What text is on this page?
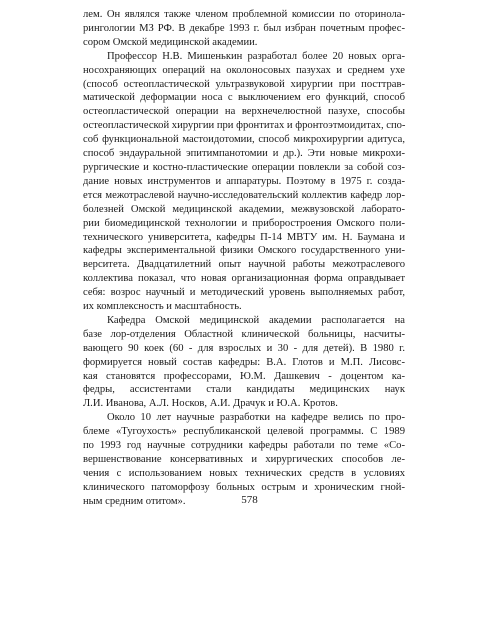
лем. Он являлся также членом проблемной комиссии по оторинола-
рингологии МЗ РФ. В декабре 1993 г. был избран почетным профес-
сором Омской медицинской академии.

Профессор Н.В. Мишенькин разработал более 20 новых орга-
носохраняющих операций на околоносовых пазухах и среднем ухе
(способ остеопластической ультразвуковой хирургии при посттрав-
матической деформации носа с выключением его функций, способ
остеопластической операции на верхнечелюстной пазухе, способы
остеопластической хирургии при фронтитах и фронтоэтмоидитах, спо-
соб функциональной мастоидотомии, способ микрохирургии адитуса,
способ эндауральной эпитимпанотомии и др.). Эти новые микрохи-
рургические и костно-пластические операции повлекли за собой соз-
дание новых инструментов и аппаратуры. Поэтому в 1975 г. созда-
ется межотраслевой научно-исследовательский коллектив кафедр лор-
болезней Омской медицинской академии, межвузовской лаборато-
рии биомедицинской технологии и приборостроения Омского поли-
технического университета, кафедры П-14 МВТУ им. Н. Баумана и
кафедры экспериментальной физики Омского государственного уни-
верситета. Двадцатилетний опыт научной работы межотраслевого
коллектива показал, что новая организационная форма оправдывает
себя: возрос научный и методический уровень выполняемых работ,
их комплексность и масштабность.

Кафедра Омской медицинской академии располагается на
базе лор-отделения Областной клинической больницы, насчиты-
вающего 90 коек (60 - для взрослых и 30 - для детей). В 1980 г.
формируется новый состав кафедры: В.А. Глотов и М.П. Лисовс-
кая становятся профессорами, Ю.М. Дашкевич - доцентом ка-
федры, ассистентами стали кандидаты медицинских наук
Л.И. Иванова, А.Л. Носков, А.И. Драчук и Ю.А. Кротов.

Около 10 лет научные разработки на кафедре велись по про-
блеме «Тугоухость» республиканской целевой программы. С 1989
по 1993 год научные сотрудники кафедры работали по теме «Со-
вершенствование консервативных и хирургических способов ле-
чения с использованием новых технических средств в условиях
клинического патоморфозу больных острым и хроническим гной-
ным средним отитом».	578
